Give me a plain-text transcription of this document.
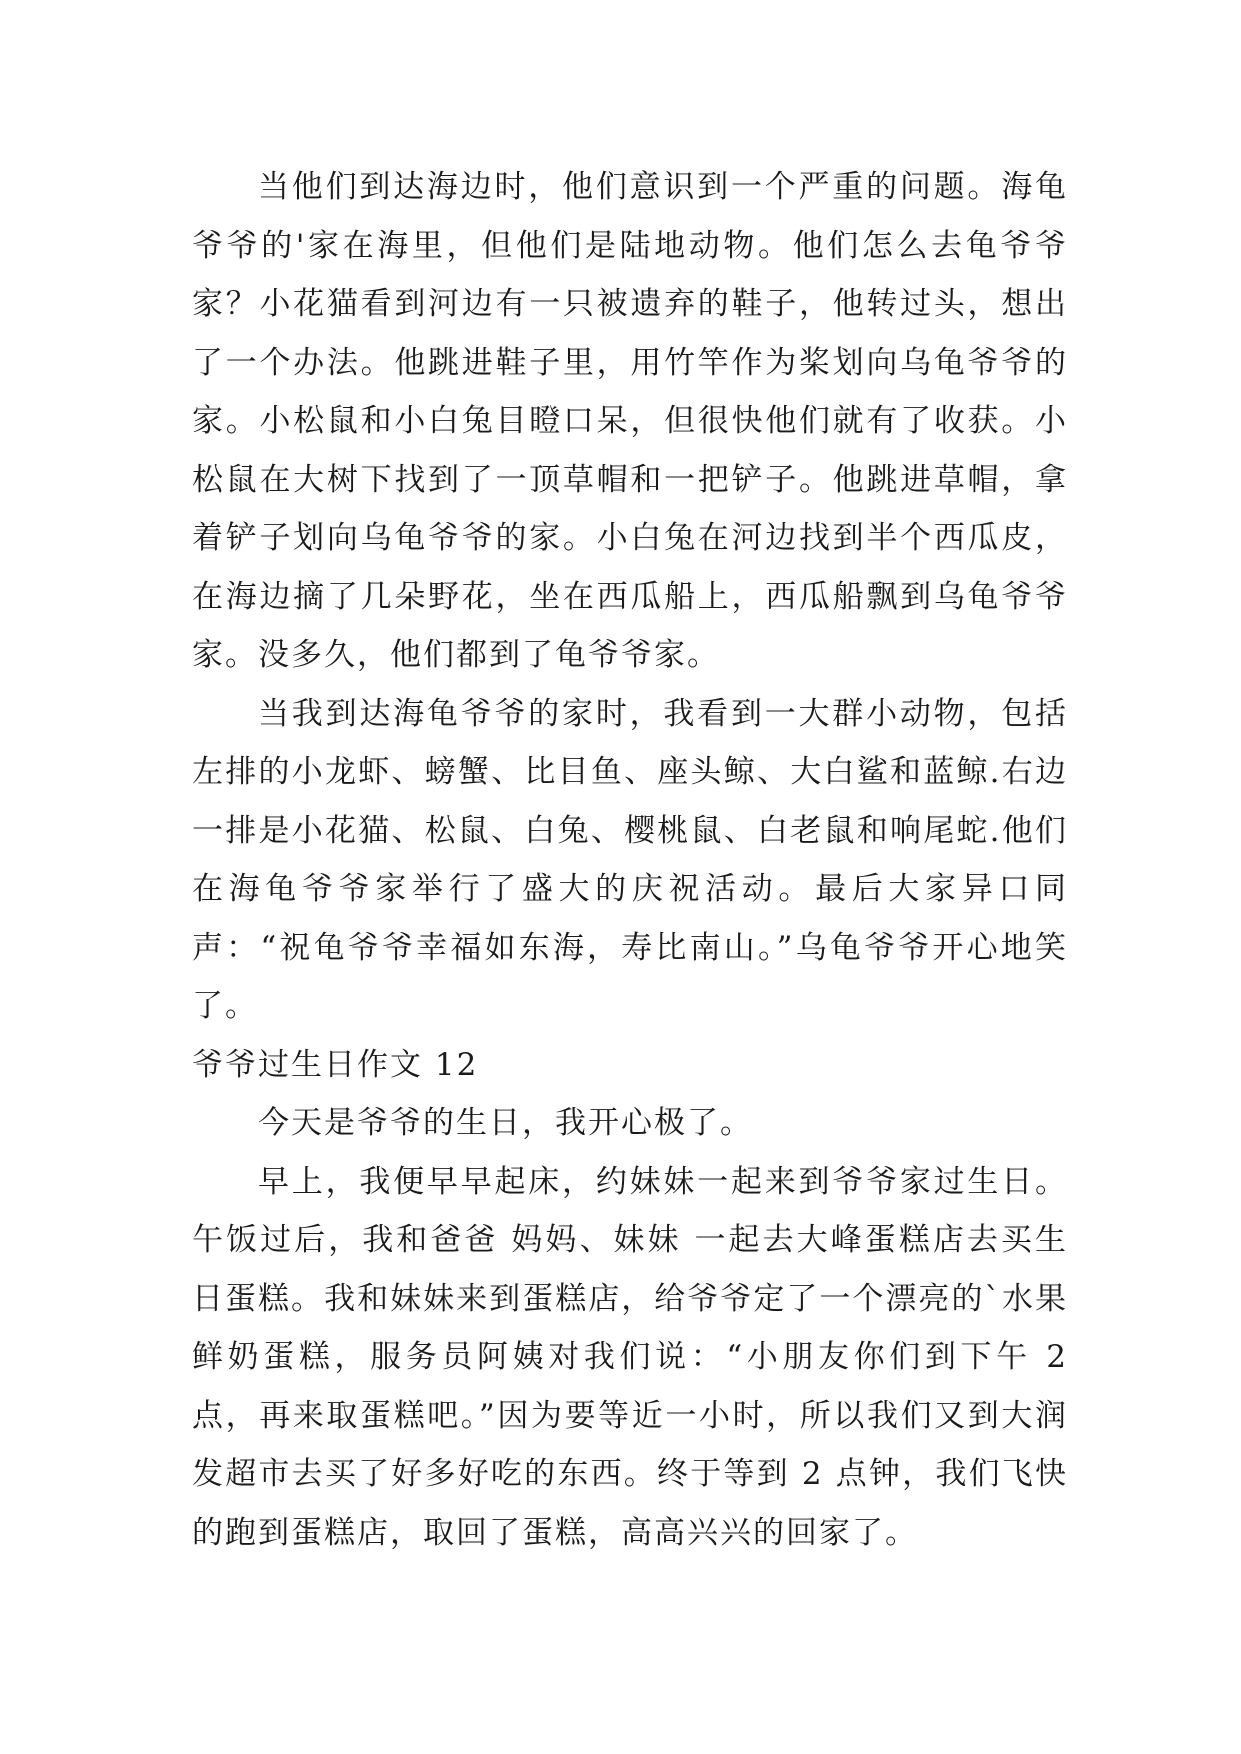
当他们到达海边时，他们意识到一个严重的问题。海龟爷爷的'家在海里，但他们是陆地动物。他们怎么去龟爷爷家？小花猫看到河边有一只被遗弃的鞋子，他转过头，想出了一个办法。他跳进鞋子里，用竹竿作为桨划向乌龟爷爷的家。小松鼠和小白兔目瞪口呆，但很快他们就有了收获。小松鼠在大树下找到了一顶草帽和一把铲子。他跳进草帽，拿着铲子划向乌龟爷爷的家。小白兔在河边找到半个西瓜皮，在海边摘了几朵野花，坐在西瓜船上，西瓜船飘到乌龟爷爷家。没多久，他们都到了龟爷爷家。

当我到达海龟爷爷的家时，我看到一大群小动物，包括左排的小龙虾、螃蟹、比目鱼、座头鲸、大白鲨和蓝鲸.右边一排是小花猫、松鼠、白兔、樱桃鼠、白老鼠和响尾蛇.他们在海龟爷爷家举行了盛大的庆祝活动。最后大家异口同声：“祝龟爷爷幸福如东海，寿比南山。”乌龟爷爷开心地笑了。

爷爷过生日作文 12

今天是爷爷的生日，我开心极了。

早上，我便早早起床，约妹妹一起来到爷爷家过生日。午饭过后，我和爸爸 妈妈、妹妹 一起去大峰蛋糕店去买生日蛋糕。我和妹妹来到蛋糕店，给爷爷定了一个漂亮的`水果鲜奶蛋糕，服务员阿姨对我们说：“小朋友你们到下午 2 点，再来取蛋糕吧。”因为要等近一小时，所以我们又到大润发超市去买了好多好吃的东西。终于等到 2 点钟，我们飞快的跑到蛋糕店，取回了蛋糕，高高兴兴的回家了。
